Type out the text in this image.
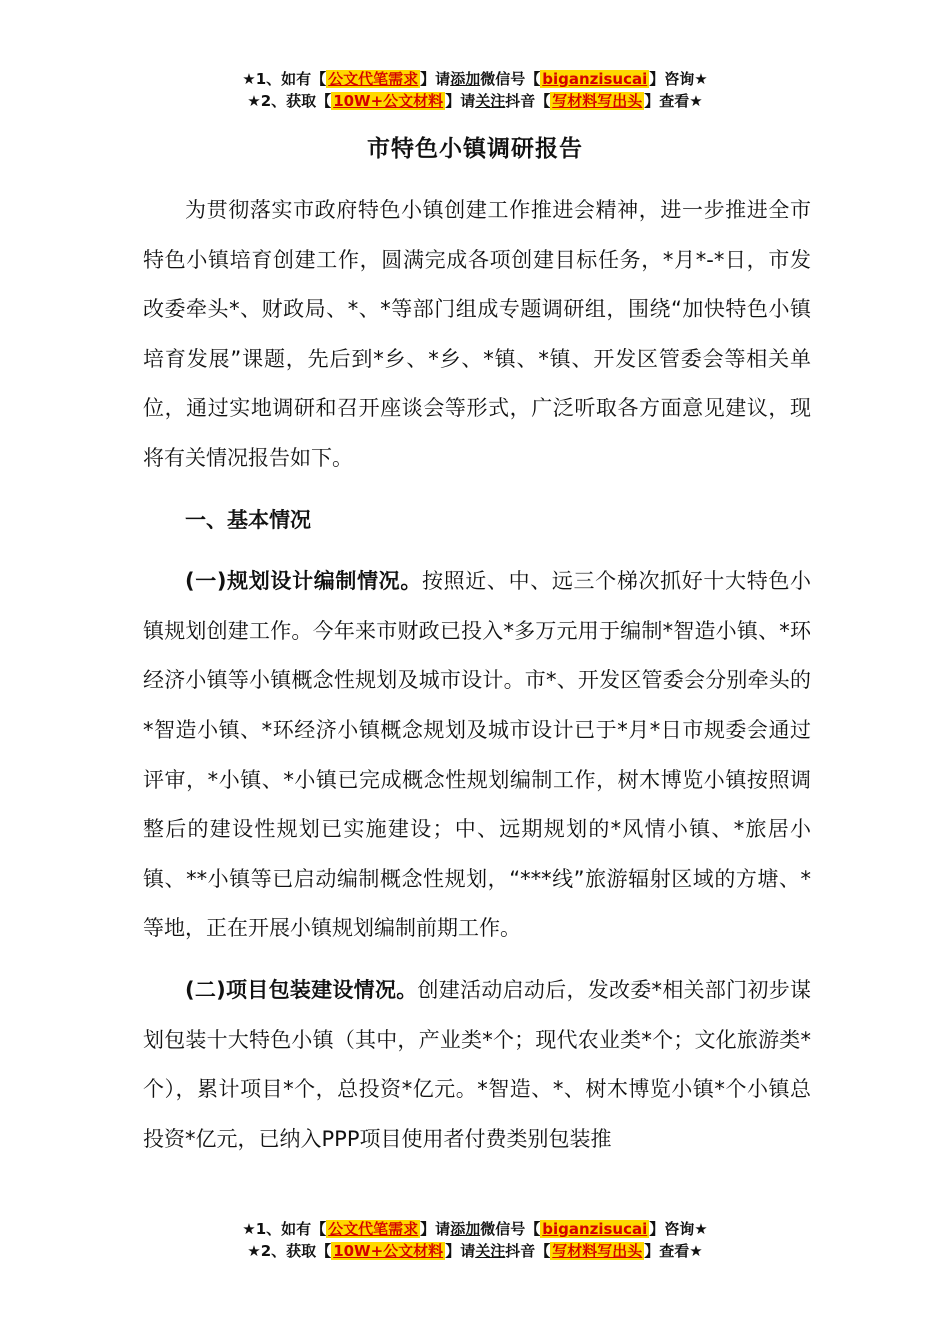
★1、如有【 公文代笔需求 】请添加微信号【 biganzisucai 】咨询★
★2、获取【 10W+公文材料 】请关注抖音【 写材料写出头 】查看★
市特色小镇调研报告

为贯彻落实市政府特色小镇创建工作推进会精神，进一步推进全市特色小镇培育创建工作，圆满完成各项创建目标任务，*月*-*日，市发改委牵头*、财政局、*、*等部门组成专题调研组，围绕“加快特色小镇培育发展”课题，先后到*乡、*乡、*镇、*镇、开发区管委会等相关单位，通过实地调研和召开座谈会等形式，广泛听取各方面意见建议，现将有关情况报告如下。

一、基本情况

(一)规划设计编制情况。按照近、中、远三个梯次抓好十大特色小镇规划创建工作。今年来市财政已投入*多万元用于编制*智造小镇、*环经济小镇等小镇概念性规划及城市设计。市*、开发区管委会分别牵头的*智造小镇、*环经济小镇概念规划及城市设计已于*月*日市规委会通过评审，*小镇、*小镇已完成概念性规划编制工作，树木博览小镇按照调整后的建设性规划已实施建设；中、远期规划的*风情小镇、*旅居小镇、**小镇等已启动编制概念性规划，“***线”旅游辐射区域的方塘、*等地，正在开展小镇规划编制前期工作。

(二)项目包装建设情况。创建活动启动后，发改委*相关部门初步谋划包装十大特色小镇（其中，产业类*个；现代农业类*个；文化旅游类*个），累计项目*个，总投资*亿元。*智造、*、树木博览小镇*个小镇总投资*亿元，已纳入PPP项目使用者付费类别包装推

★1、如有【 公文代笔需求 】请添加微信号【 biganzisucai 】咨询★
★2、获取【 10W+公文材料 】请关注抖音【 写材料写出头 】查看★
